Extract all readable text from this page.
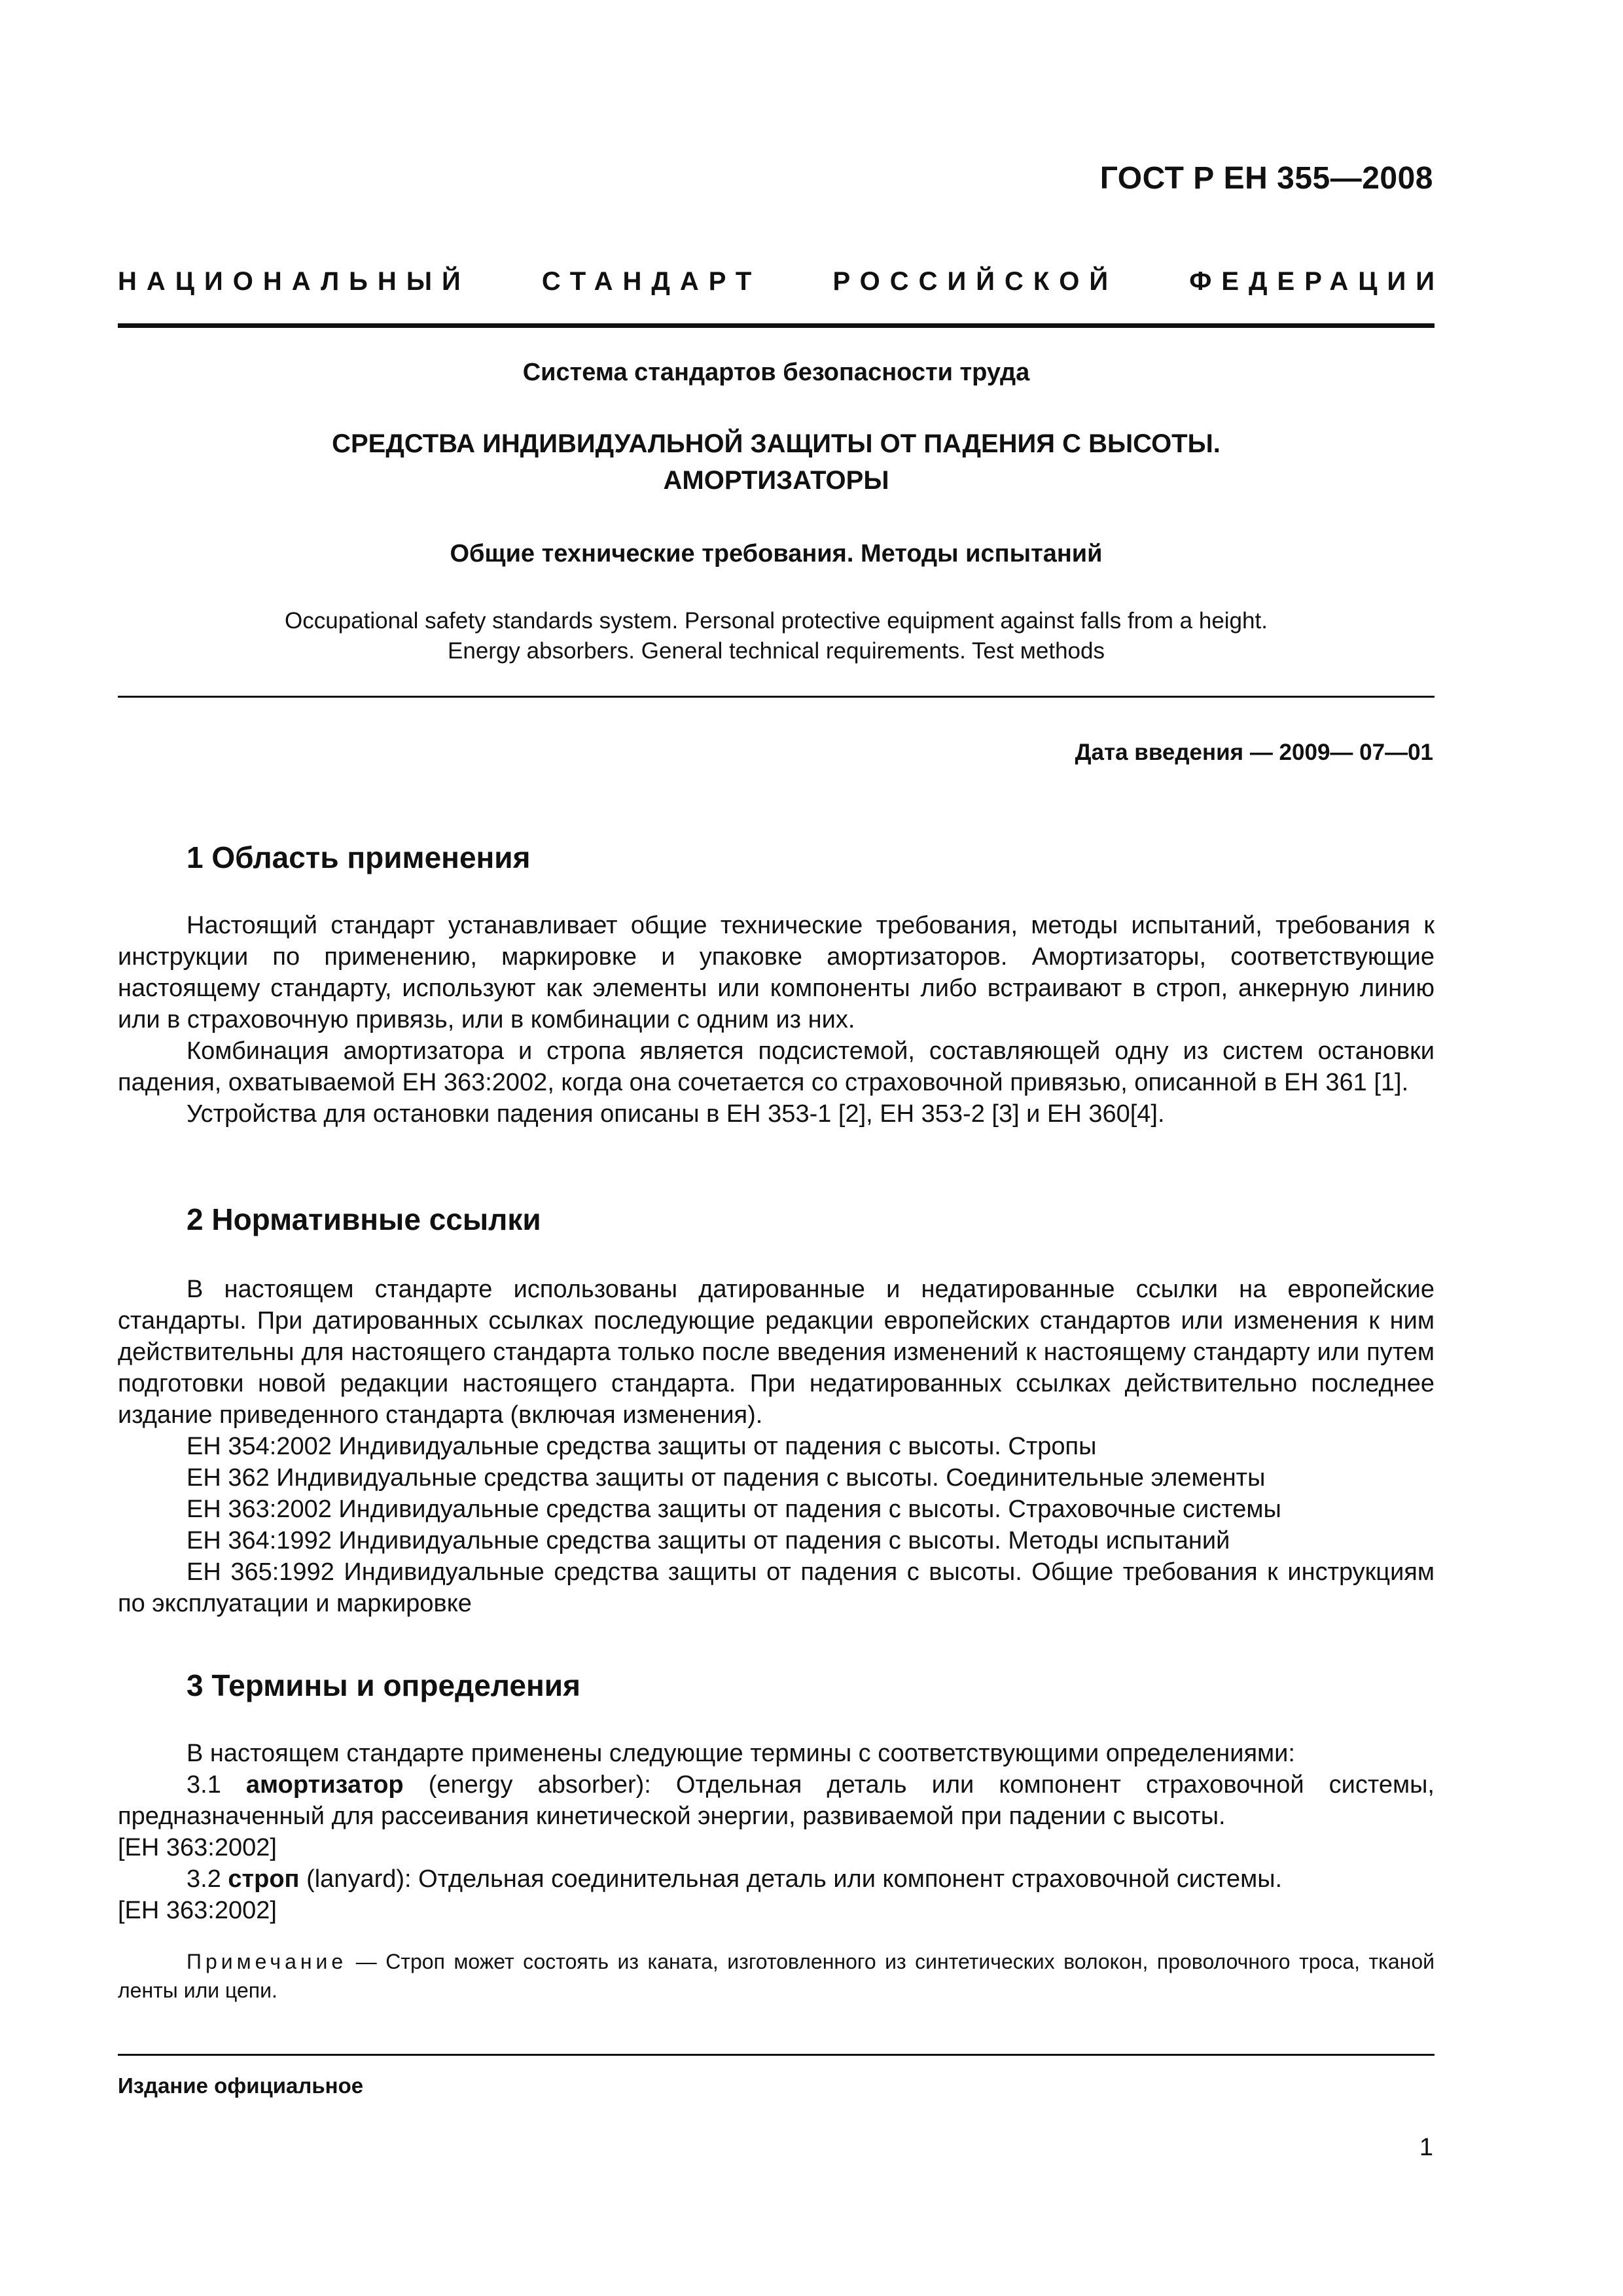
ГОСТ Р ЕН 355—2008
НАЦИОНАЛЬНЫЙ	СТАНДАРТ	РОССИЙСКОЙ	ФЕДЕРАЦИИ
Система стандартов безопасности труда
СРЕДСТВА ИНДИВИДУАЛЬНОЙ ЗАЩИТЫ ОТ ПАДЕНИЯ С ВЫСОТЫ.
АМОРТИЗАТОРЫ
Общие технические требования. Методы испытаний
Occupational safety standards system. Personal protective equipment against falls from a height.
Energy absorbers. General technical requirements. Test мethods
Дата введения — 2009— 07—01
1 Область применения

Настоящий стандарт устанавливает общие технические требования, методы испытаний, требования к инструкции по применению, маркировке и упаковке амортизаторов. Амортизаторы, соответствующие настоящему стандарту, используют как элементы или компоненты либо встраивают в строп, анкерную линию или в страховочную привязь, или в комбинации с одним из них.

Комбинация амортизатора и стропа является подсистемой, составляющей одну из систем остановки падения, охватываемой ЕН 363:2002, когда она сочетается со страховочной привязью, описанной в ЕН 361 [1].

Устройства для остановки падения описаны в ЕН 353-1 [2], ЕН 353-2 [3] и ЕН 360[4].

2 Нормативные ссылки

В настоящем стандарте использованы датированные и недатированные ссылки на европейские стандарты. При датированных ссылках последующие редакции европейских стандартов или изменения к ним действительны для настоящего стандарта только после введения изменений к настоящему стандарту или путем подготовки новой редакции настоящего стандарта. При недатированных ссылках действительно последнее издание приведенного стандарта (включая изменения).

ЕН 354:2002 Индивидуальные средства защиты от падения с высоты. Стропы

ЕН 362 Индивидуальные средства защиты от падения с высоты. Соединительные элементы

ЕН 363:2002 Индивидуальные средства защиты от падения с высоты. Страховочные системы

ЕН 364:1992 Индивидуальные средства защиты от падения с высоты. Методы испытаний

ЕН 365:1992 Индивидуальные средства защиты от падения с высоты. Общие требования к инструкциям по эксплуатации и маркировке

3 Термины и определения

В настоящем стандарте применены следующие термины с соответствующими определениями:

3.1 амортизатор (energy absorber): Отдельная деталь или компонент страховочной системы, предназначенный для рассеивания кинетической энергии, развиваемой при падении с высоты.

[ЕН 363:2002]

3.2 строп (lanyard): Отдельная соединительная деталь или компонент страховочной системы.

[ЕН 363:2002]

Примечание — Строп может состоять из каната, изготовленного из синтетических волокон, проволочного троса, тканой ленты или цепи.

Издание официальное
1
